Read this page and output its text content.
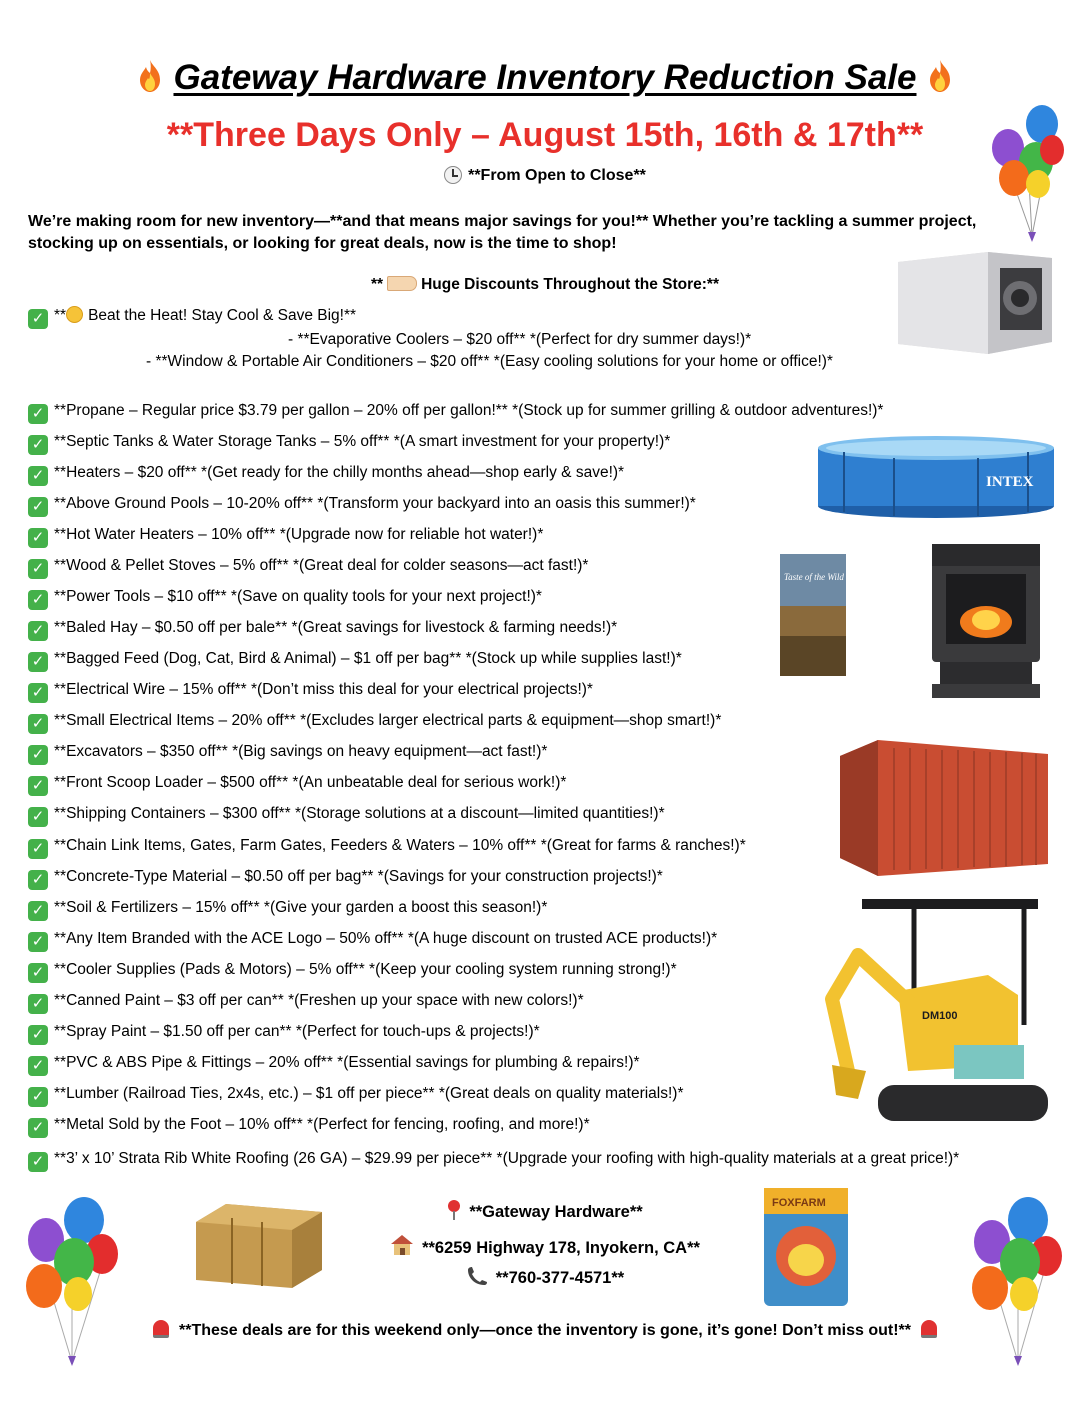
Gateway Hardware Inventory Reduction Sale
**Three Days Only – August 15th, 16th & 17th**
**From Open to Close**
We’re making room for new inventory—**and that means major savings for you!** Whether you’re tackling a summer project, stocking up on essentials, or looking for great deals, now is the time to shop!
** Huge Discounts Throughout the Store:**
✓ ** Beat the Heat! Stay Cool & Save Big!**
- **Evaporative Coolers – $20 off** *(Perfect for dry summer days!)*
- **Window & Portable Air Conditioners – $20 off** *(Easy cooling solutions for your home or office!)*
✓ **Propane – Regular price $3.79 per gallon – 20% off per gallon!** *(Stock up for summer grilling & outdoor adventures!)*
✓ **Septic Tanks & Water Storage Tanks – 5% off** *(A smart investment for your property!)*
✓ **Heaters – $20 off** *(Get ready for the chilly months ahead—shop early & save!)*
✓ **Above Ground Pools – 10-20% off** *(Transform your backyard into an oasis this summer!)*
✓ **Hot Water Heaters – 10% off** *(Upgrade now for reliable hot water!)*
✓ **Wood & Pellet Stoves – 5% off** *(Great deal for colder seasons—act fast!)*
✓ **Power Tools – $10 off** *(Save on quality tools for your next project!)*
✓ **Baled Hay – $0.50 off per bale** *(Great savings for livestock & farming needs!)*
✓ **Bagged Feed (Dog, Cat, Bird & Animal) – $1 off per bag** *(Stock up while supplies last!)*
✓ **Electrical Wire – 15% off** *(Don’t miss this deal for your electrical projects!)*
✓ **Small Electrical Items – 20% off** *(Excludes larger electrical parts & equipment—shop smart!)*
✓ **Excavators – $350 off** *(Big savings on heavy equipment—act fast!)*
✓ **Front Scoop Loader – $500 off** *(An unbeatable deal for serious work!)*
✓ **Shipping Containers – $300 off** *(Storage solutions at a discount—limited quantities!)*
✓ **Chain Link Items, Gates, Farm Gates, Feeders & Waters – 10% off** *(Great for farms & ranches!)*
✓ **Concrete-Type Material – $0.50 off per bag** *(Savings for your construction projects!)*
✓ **Soil & Fertilizers – 15% off** *(Give your garden a boost this season!)*
✓ **Any Item Branded with the ACE Logo – 50% off** *(A huge discount on trusted ACE products!)*
✓ **Cooler Supplies (Pads & Motors) – 5% off** *(Keep your cooling system running strong!)*
✓ **Canned Paint – $3 off per can** *(Freshen up your space with new colors!)*
✓ **Spray Paint – $1.50 off per can** *(Perfect for touch-ups & projects!)*
✓ **PVC & ABS Pipe & Fittings – 20% off** *(Essential savings for plumbing & repairs!)*
✓ **Lumber (Railroad Ties, 2x4s, etc.) – $1 off per piece** *(Great deals on quality materials!)*
✓ **Metal Sold by the Foot – 10% off** *(Perfect for fencing, roofing, and more!)*
✓ **3’ x 10’ Strata Rib White Roofing (26 GA) – $29.99 per piece** *(Upgrade your roofing with high-quality materials at a great price!)*
INTEX
Taste of the Wild
DM100
FOXFARM
**Gateway Hardware**
**6259 Highway 178, Inyokern, CA**
**760-377-4571**
**These deals are for this weekend only—once the inventory is gone, it’s gone! Don’t miss out!**
